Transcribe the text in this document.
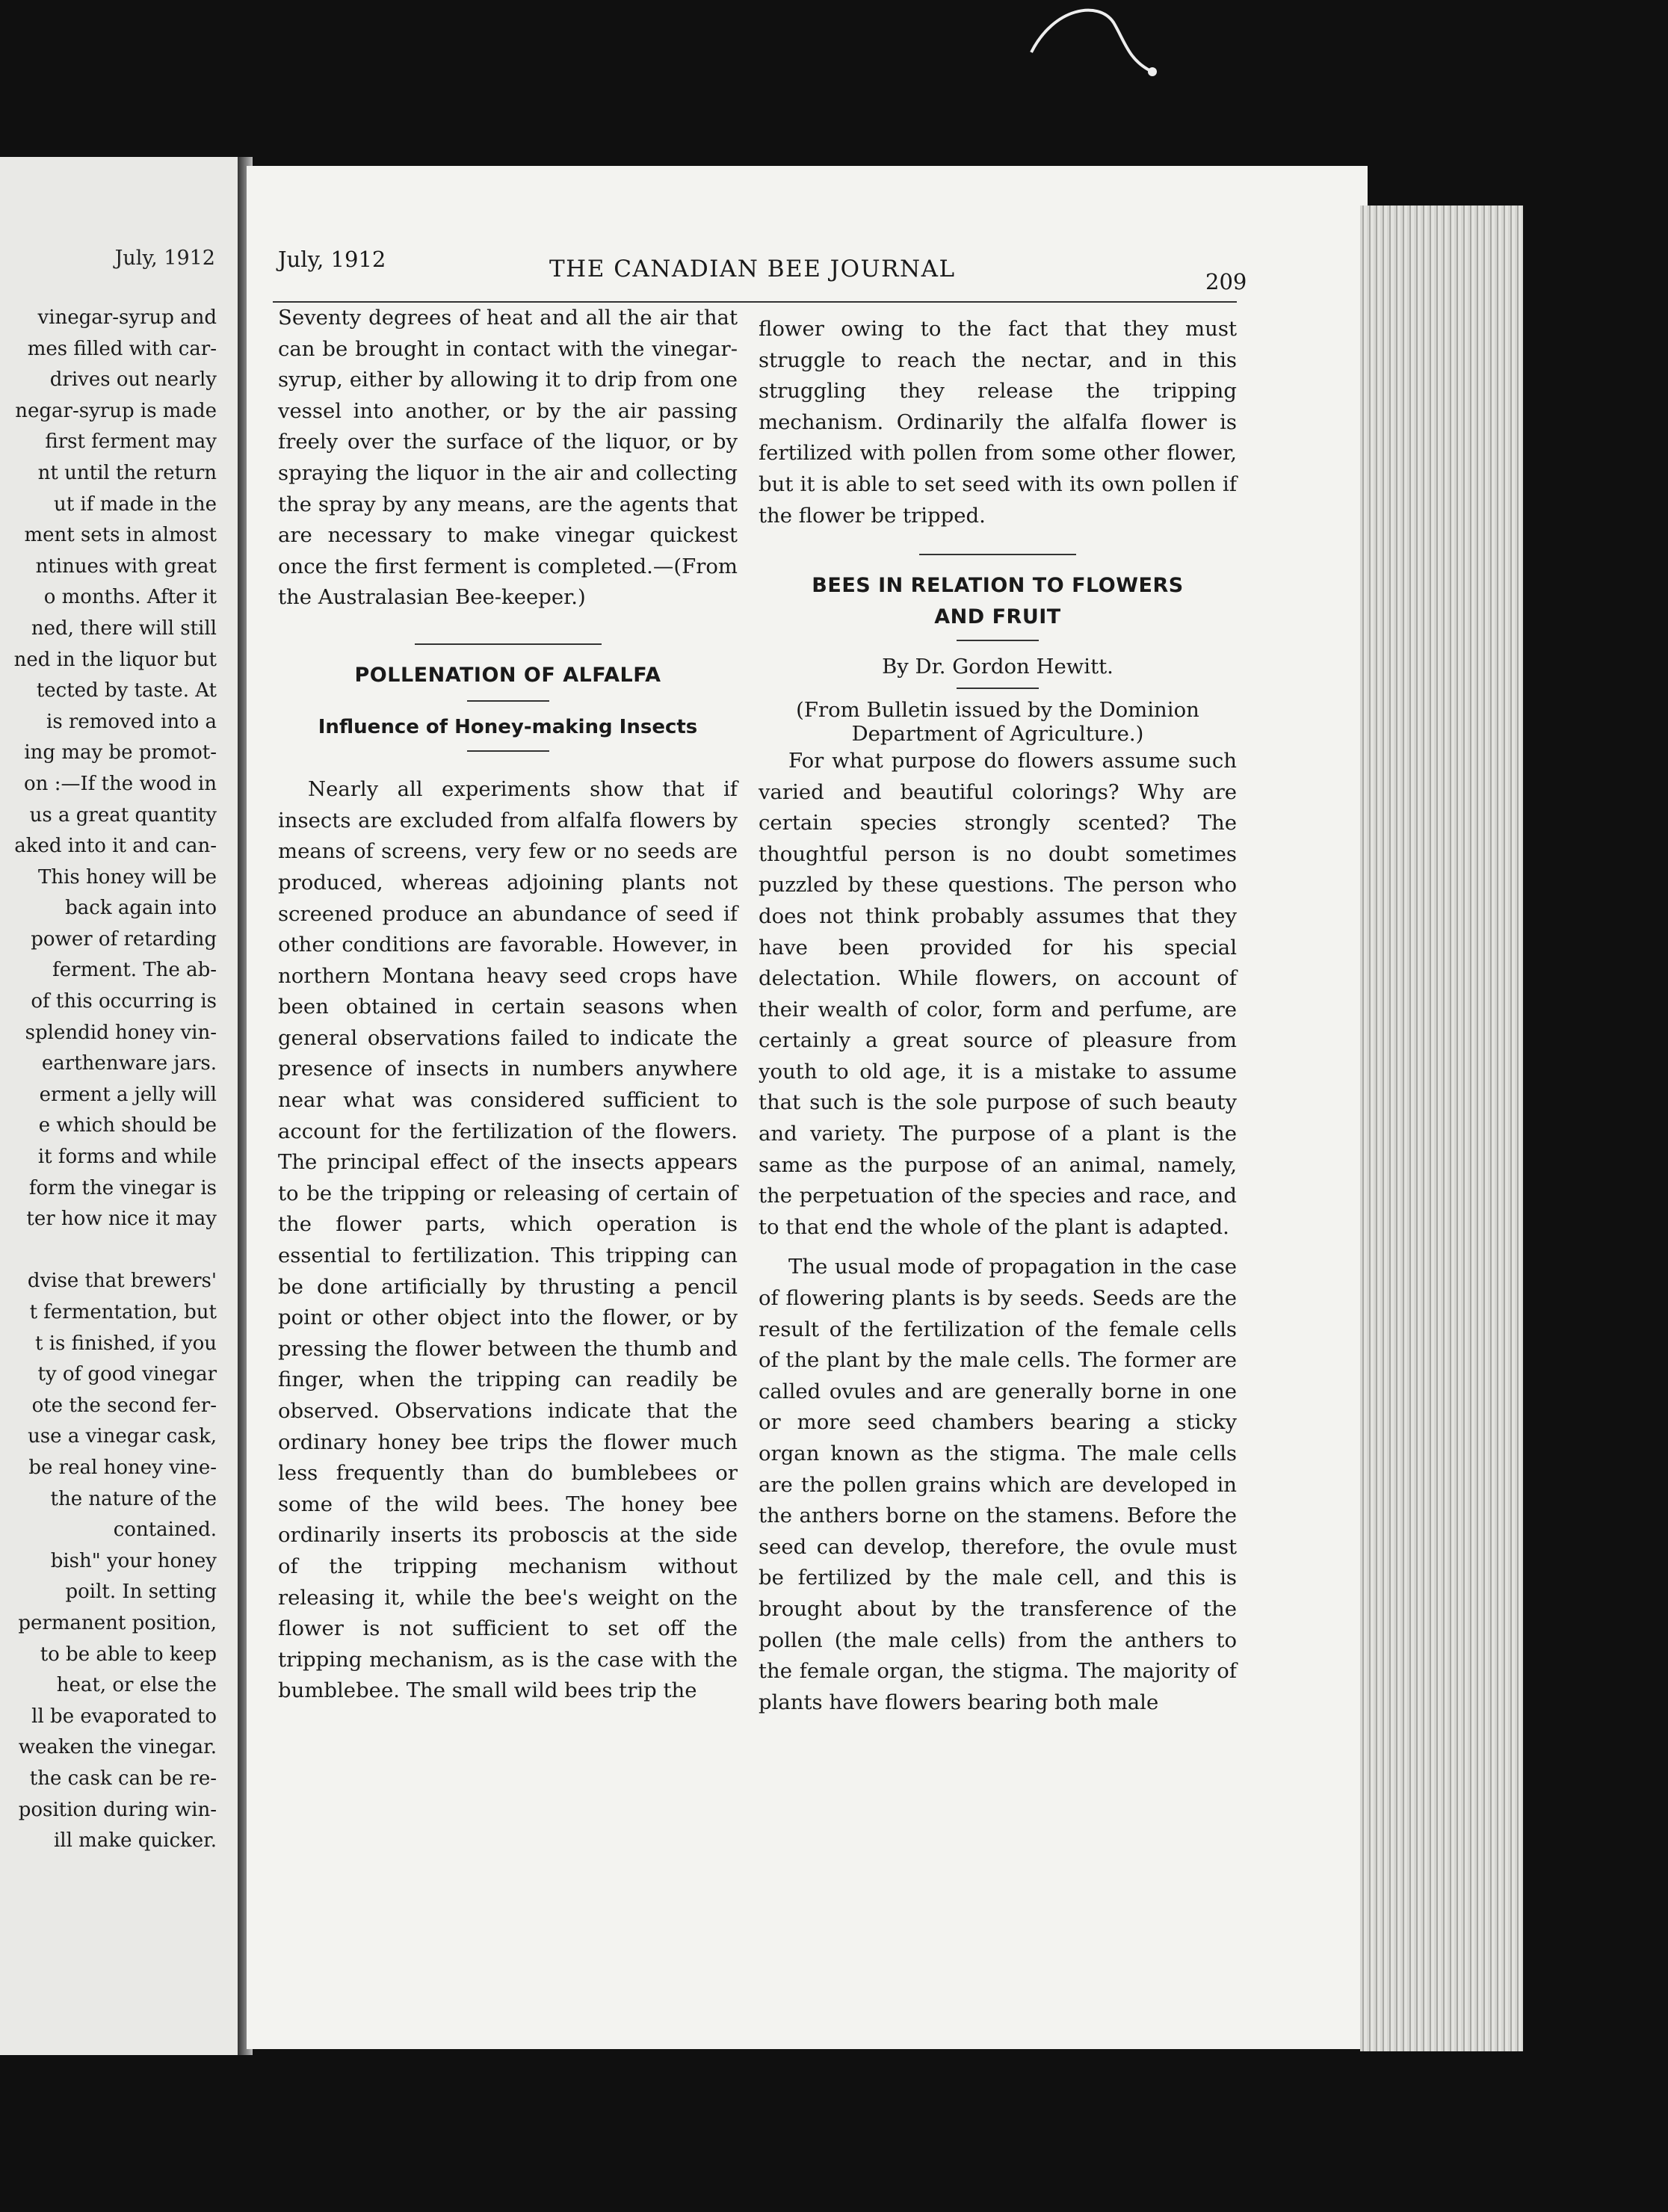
July, 1912
vinegar-syrup and
mes filled with car-
drives out nearly
negar-syrup is made
first ferment may
nt until the return
ut if made in the
ment sets in almost
ntinues with great
o months. After it
ned, there will still
ned in the liquor but
tected by taste. At
is removed into a
ing may be promot-
on :—If the wood in
us a great quantity
aked into it and can-
This honey will be
back again into
power of retarding
ferment. The ab-
of this occurring is
splendid honey vin-
earthenware jars.
erment a jelly will
e which should be
it forms and while
form the vinegar is
ter how nice it may
dvise that brewers'
t fermentation, but
t is finished, if you
ty of good vinegar
ote the second fer-
use a vinegar cask,
be real honey vine-
the nature of the
contained.
bish" your honey
poilt. In setting
permanent position,
to be able to keep
heat, or else the
ll be evaporated to
weaken the vinegar.
the cask can be re-
position during win-
ill make quicker.
July, 1912	THE CANADIAN BEE JOURNAL	209

Seventy degrees of heat and all the air that can be brought in contact with the vinegar-syrup, either by allowing it to drip from one vessel into another, or by the air passing freely over the surface of the liquor, or by spraying the liquor in the air and collecting the spray by any means, are the agents that are necessary to make vinegar quickest once the first ferment is completed.—(From the Australasian Bee-keeper.)

POLLENATION OF ALFALFA
Influence of Honey-making Insects

Nearly all experiments show that if insects are excluded from alfalfa flowers by means of screens, very few or no seeds are produced, whereas adjoining plants not screened produce an abundance of seed if other conditions are favorable. However, in northern Montana heavy seed crops have been obtained in certain seasons when general observations failed to indicate the presence of insects in numbers anywhere near what was considered sufficient to account for the fertilization of the flowers. The principal effect of the insects appears to be the tripping or releasing of certain of the flower parts, which operation is essential to fertilization. This tripping can be done artificially by thrusting a pencil point or other object into the flower, or by pressing the flower between the thumb and finger, when the tripping can readily be observed. Observations indicate that the ordinary honey bee trips the flower much less frequently than do bumblebees or some of the wild bees. The honey bee ordinarily inserts its proboscis at the side of the tripping mechanism without releasing it, while the bee's weight on the flower is not sufficient to set off the tripping mechanism, as is the case with the bumblebee. The small wild bees trip the

flower owing to the fact that they must struggle to reach the nectar, and in this struggling they release the tripping mechanism. Ordinarily the alfalfa flower is fertilized with pollen from some other flower, but it is able to set seed with its own pollen if the flower be tripped.

BEES IN RELATION TO FLOWERS
AND FRUIT
By Dr. Gordon Hewitt.
(From Bulletin issued by the Dominion
Department of Agriculture.)

For what purpose do flowers assume such varied and beautiful colorings? Why are certain species strongly scented? The thoughtful person is no doubt sometimes puzzled by these questions. The person who does not think probably assumes that they have been provided for his special delectation. While flowers, on account of their wealth of color, form and perfume, are certainly a great source of pleasure from youth to old age, it is a mistake to assume that such is the sole purpose of such beauty and variety. The purpose of a plant is the same as the purpose of an animal, namely, the perpetuation of the species and race, and to that end the whole of the plant is adapted.

The usual mode of propagation in the case of flowering plants is by seeds. Seeds are the result of the fertilization of the female cells of the plant by the male cells. The former are called ovules and are generally borne in one or more seed chambers bearing a sticky organ known as the stigma. The male cells are the pollen grains which are developed in the anthers borne on the stamens. Before the seed can develop, therefore, the ovule must be fertilized by the male cell, and this is brought about by the transference of the pollen (the male cells) from the anthers to the female organ, the stigma. The majority of plants have flowers bearing both male
